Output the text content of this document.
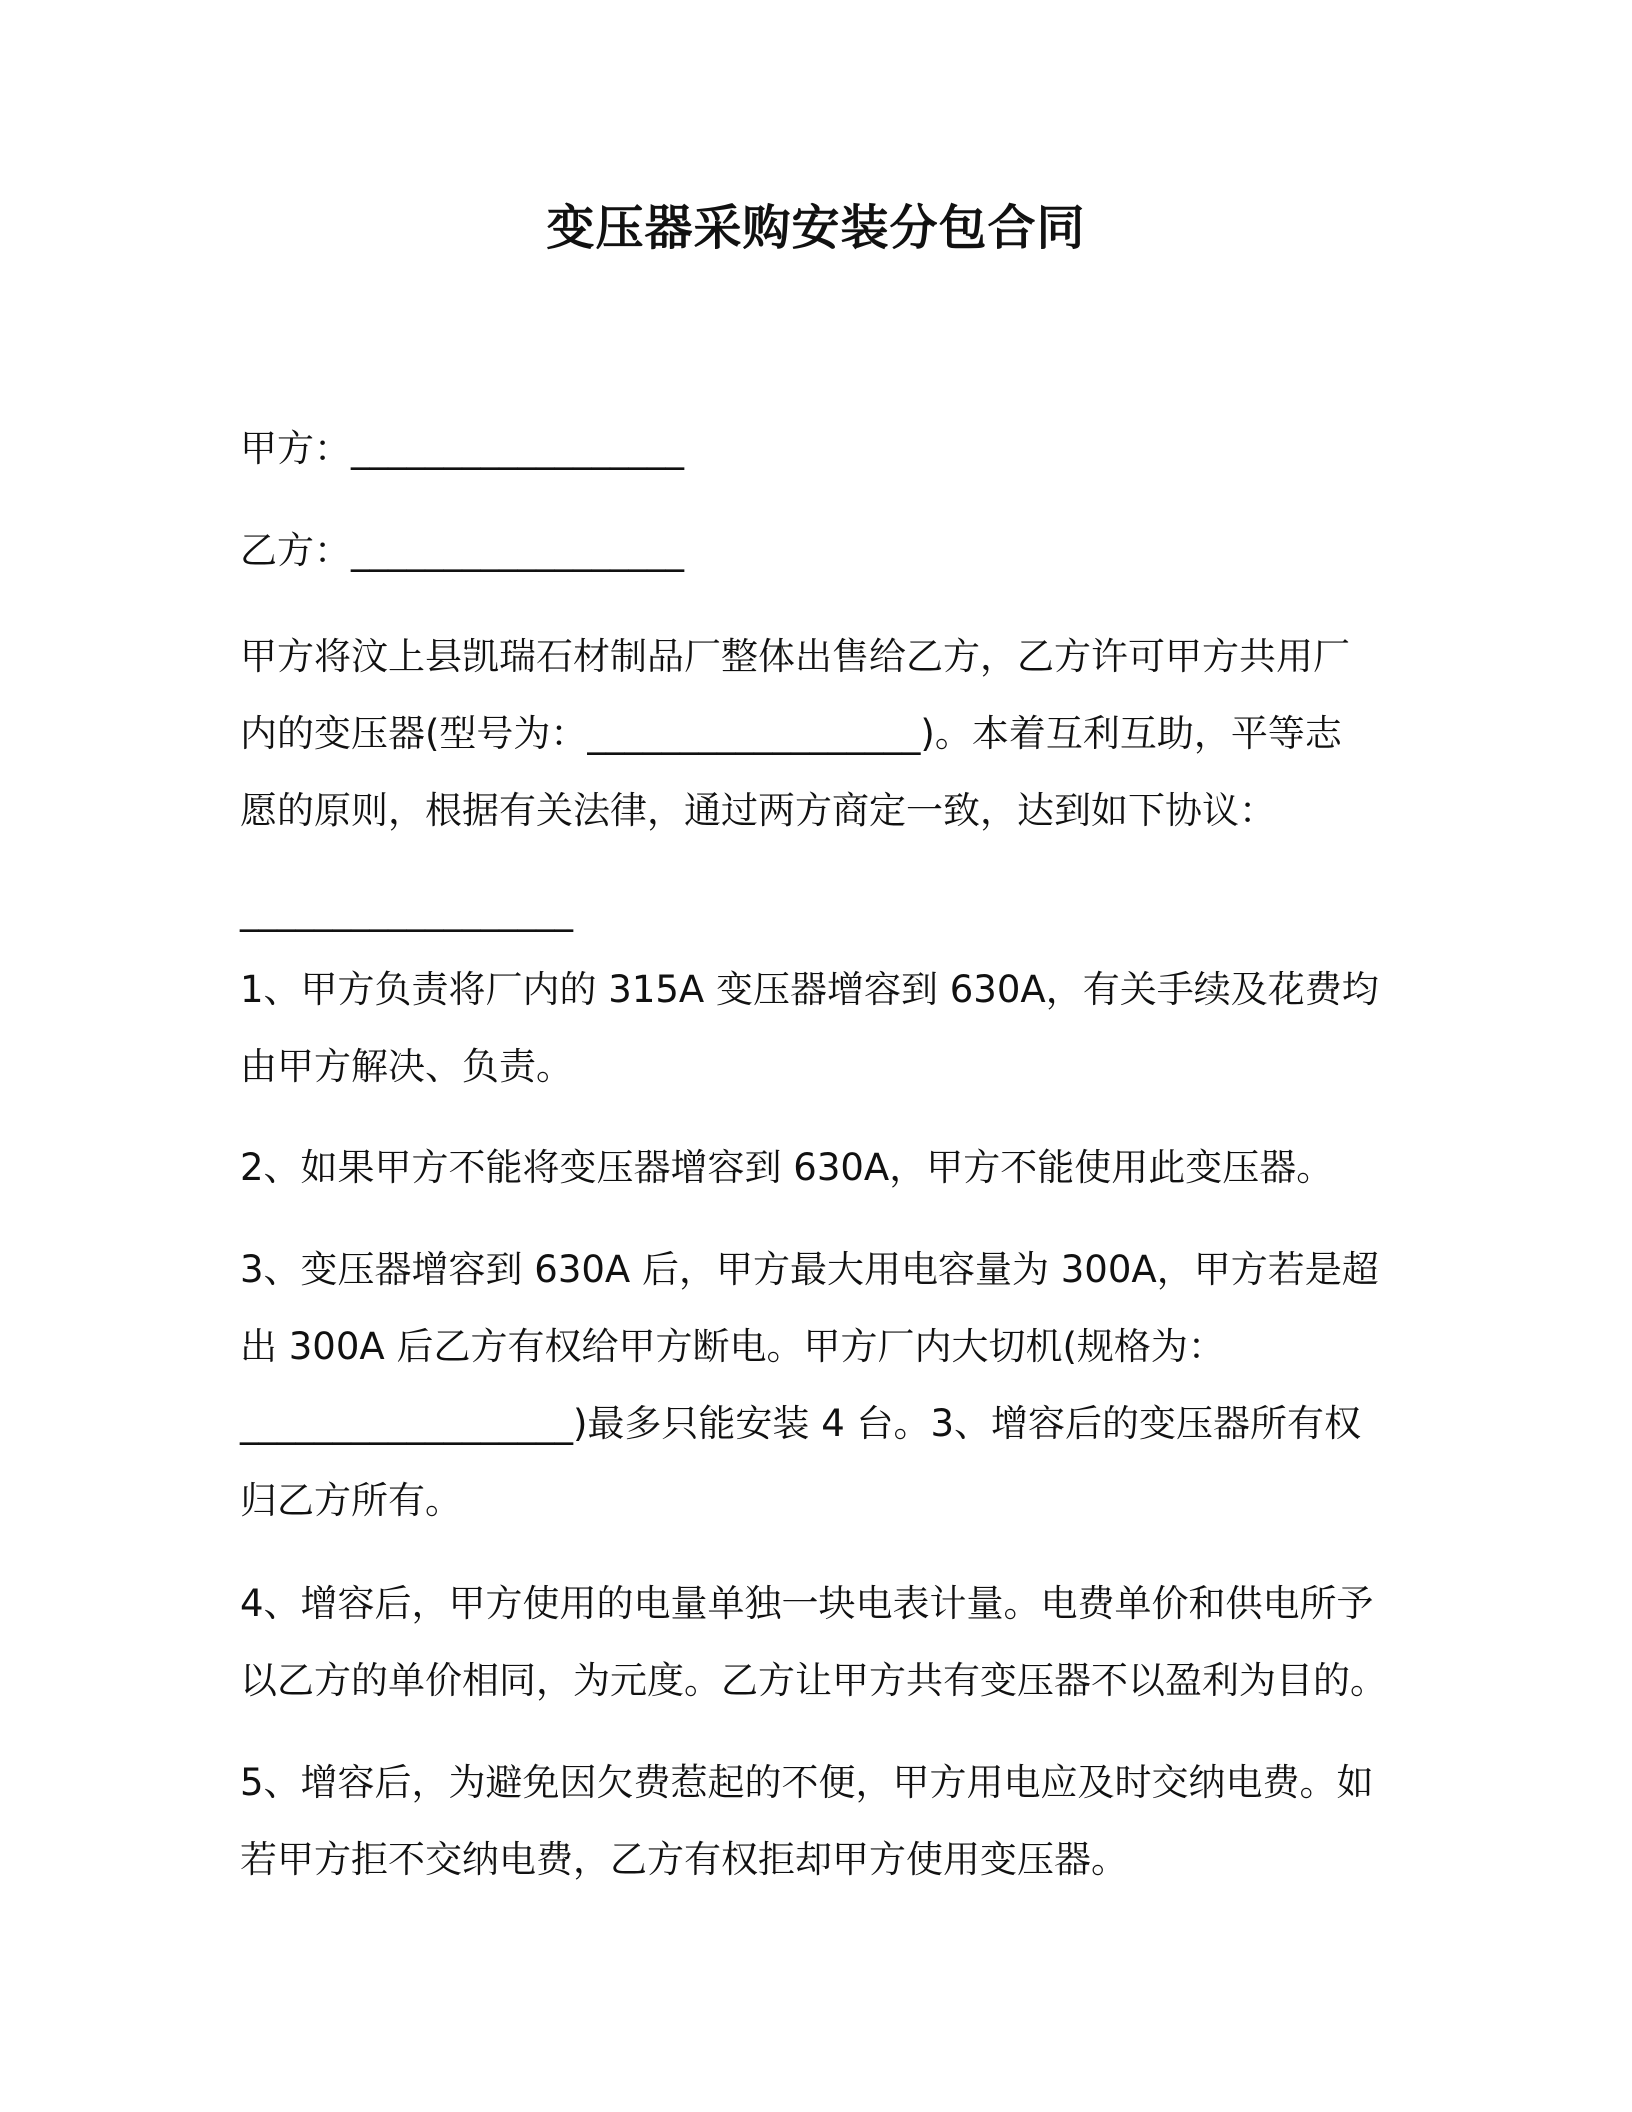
变压器采购安装分包合同
甲方：__________________
乙方：__________________
甲方将汶上县凯瑞石材制品厂整体出售给乙方，乙方许可甲方共用厂
内的变压器(型号为：__________________)。本着互利互助，平等志
愿的原则，根据有关法律，通过两方商定一致，达到如下协议：
__________________
1、甲方负责将厂内的 315A 变压器增容到 630A，有关手续及花费均
由甲方解决、负责。
2、如果甲方不能将变压器增容到 630A，甲方不能使用此变压器。
3、变压器增容到 630A 后，甲方最大用电容量为 300A，甲方若是超
出 300A 后乙方有权给甲方断电。甲方厂内大切机(规格为：
__________________)最多只能安装 4 台。3、增容后的变压器所有权
归乙方所有。
4、增容后，甲方使用的电量单独一块电表计量。电费单价和供电所予
以乙方的单价相同，为元度。乙方让甲方共有变压器不以盈利为目的。
5、增容后，为避免因欠费惹起的不便，甲方用电应及时交纳电费。如
若甲方拒不交纳电费，乙方有权拒却甲方使用变压器。
